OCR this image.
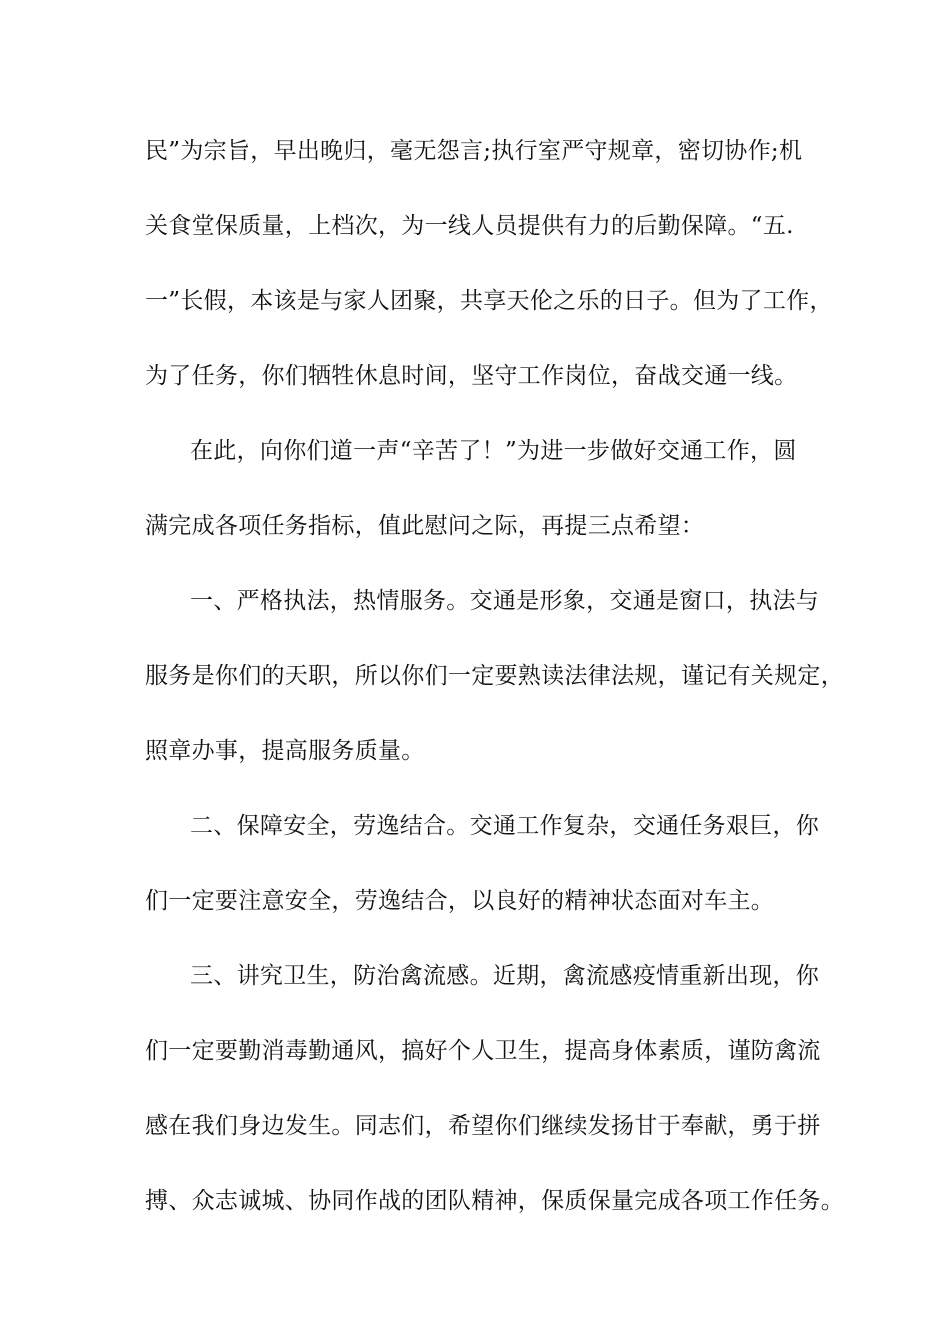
民”为宗旨，早出晚归，毫无怨言;执行室严守规章，密切协作;机
关食堂保质量，上档次，为一线人员提供有力的后勤保障。“五.
一”长假，本该是与家人团聚，共享天伦之乐的日子。但为了工作，
为了任务，你们牺牲休息时间，坚守工作岗位，奋战交通一线。
在此，向你们道一声“辛苦了！”为进一步做好交通工作，圆
满完成各项任务指标，值此慰问之际，再提三点希望：
一、严格执法，热情服务。交通是形象，交通是窗口，执法与
服务是你们的天职，所以你们一定要熟读法律法规，谨记有关规定，
照章办事，提高服务质量。
二、保障安全，劳逸结合。交通工作复杂，交通任务艰巨，你
们一定要注意安全，劳逸结合，以良好的精神状态面对车主。
三、讲究卫生，防治禽流感。近期，禽流感疫情重新出现，你
们一定要勤消毒勤通风，搞好个人卫生，提高身体素质，谨防禽流
感在我们身边发生。同志们，希望你们继续发扬甘于奉献，勇于拼
搏、众志诚城、协同作战的团队精神，保质保量完成各项工作任务。
